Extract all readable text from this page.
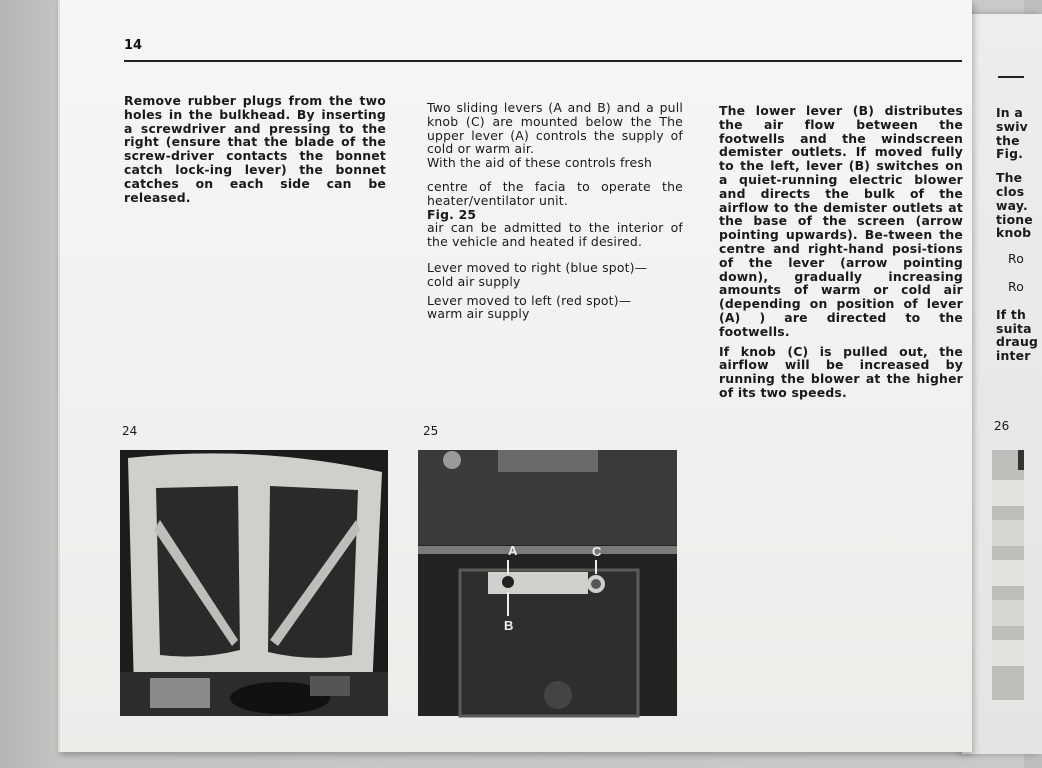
14

Remove rubber plugs from the two holes in the bulkhead. By inserting a screwdriver and pressing to the right (ensure that the blade of the screw-driver contacts the bonnet catch lock-ing lever) the bonnet catches on each side can be released.

Two sliding levers (A and B) and a pull knob (C) are mounted below the The upper lever (A) controls the supply of cold or warm air.

With the aid of these controls fresh

centre of the facia to operate the heater/ventilator unit.

Fig. 25

air can be admitted to the interior of the vehicle and heated if desired.

Lever moved to right (blue spot)—

cold air supply

Lever moved to left (red spot)—

warm air supply

The lower lever (B) distributes the air flow between the footwells and the windscreen demister outlets. If moved fully to the left, lever (B) switches on a quiet-running electric blower and directs the bulk of the airflow to the demister outlets at the base of the screen (arrow pointing upwards). Be-tween the centre and right-hand posi-tions of the lever (arrow pointing down), gradually increasing amounts of warm or cold air (depending on position of lever (A) ) are directed to the footwells.

If knob (C) is pulled out, the airflow will be increased by running the blower at the higher of its two speeds.

In a
swiv
the
Fig.
The
clos
way.
tione
knob
Ro
Ro
If th
suita
draug
inter
24	25	26
A	C
B
